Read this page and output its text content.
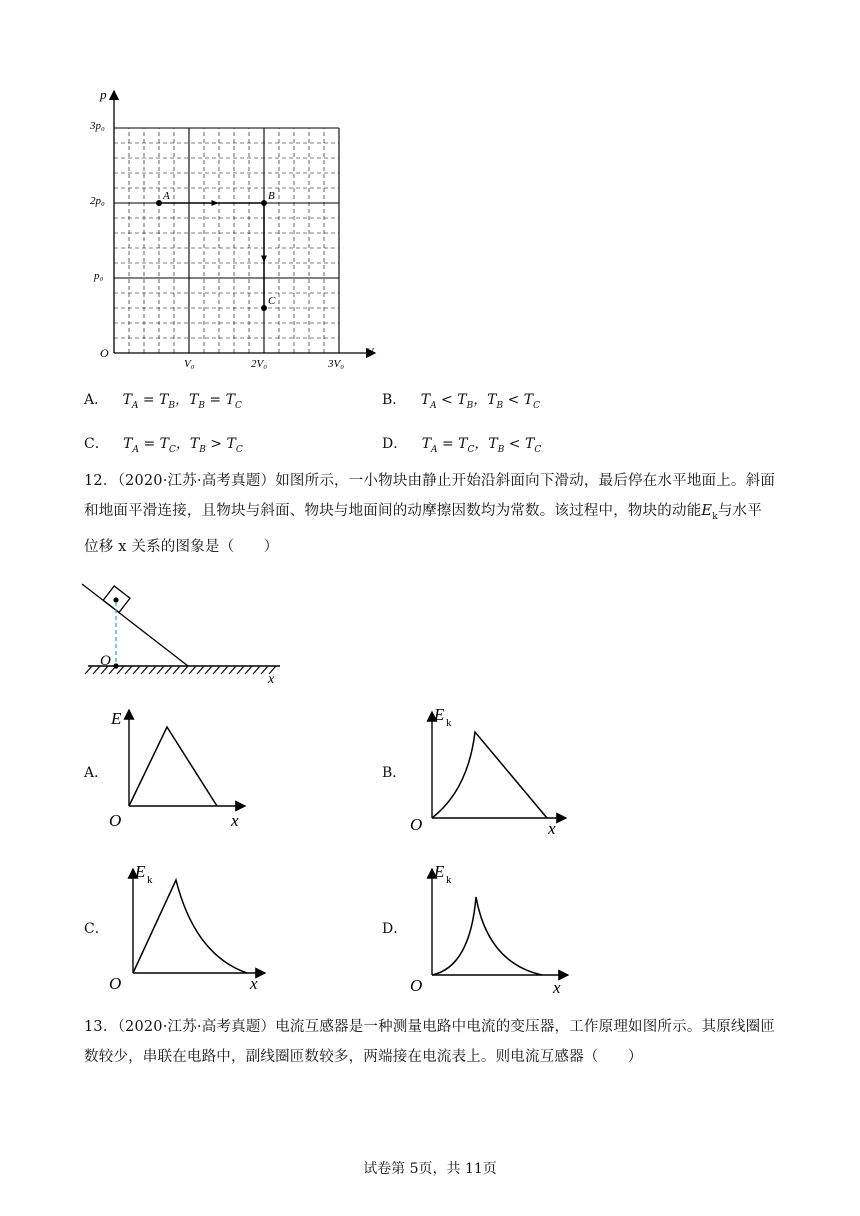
p
V
O
3p₀
2p₀
p₀
V₀	2V₀	3V₀
A	B
C
A． $T_A = T_B$，$T_B = T_C$	B． $T_A < T_B$，$T_B < T_C$
C． $T_A = T_C$，$T_B > T_C$	D． $T_A = T_C$，$T_B < T_C$
12．（2020·江苏·高考真题）如图所示，一小物块由静止开始沿斜面向下滑动，最后停在水平地面上。斜面
和地面平滑连接，且物块与斜面、物块与地面间的动摩擦因数均为常数。该过程中，物块的动能$E_k$与水平
位移 x 关系的图象是（　　）
O
x
A．	B．
C．	D．
E
O	x
E k
O	x
E k
O	x
E k
O	x
13．（2020·江苏·高考真题）电流互感器是一种测量电路中电流的变压器，工作原理如图所示。其原线圈匝
数较少，串联在电路中，副线圈匝数较多，两端接在电流表上。则电流互感器（　　）
试卷第 5页，共 11页
